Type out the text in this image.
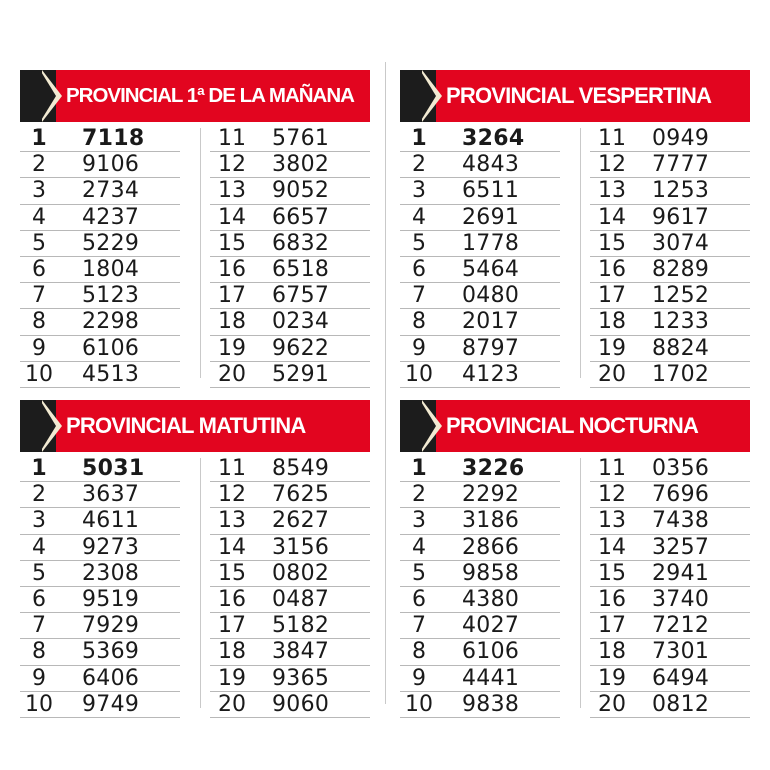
PROVINCIAL 1ª DE LA MAÑANA
1	7118
2	9106
3	2734
4	4237
5	5229
6	1804
7	5123
8	2298
9	6106
10 4513
11 5761
12 3802
13 9052
14 6657
15 6832
16 6518
17 6757
18 0234
19 9622
20 5291
PROVINCIAL VESPERTINA
1	3264
2	4843
3	6511
4	2691
5	1778
6	5464
7	0480
8	2017
9	8797
10 4123
11 0949
12 7777
13 1253
14 9617
15 3074
16 8289
17 1252
18 1233
19 8824
20 1702
PROVINCIAL MATUTINA
1	5031
2	3637
3	4611
4	9273
5	2308
6	9519
7	7929
8	5369
9	6406
10 9749
11 8549
12 7625
13 2627
14 3156
15 0802
16 0487
17 5182
18 3847
19 9365
20 9060
PROVINCIAL NOCTURNA
1	3226
2	2292
3	3186
4	2866
5	9858
6	4380
7	4027
8	6106
9	4441
10 9838
11 0356
12 7696
13 7438
14 3257
15 2941
16 3740
17 7212
18 7301
19 6494
20 0812
